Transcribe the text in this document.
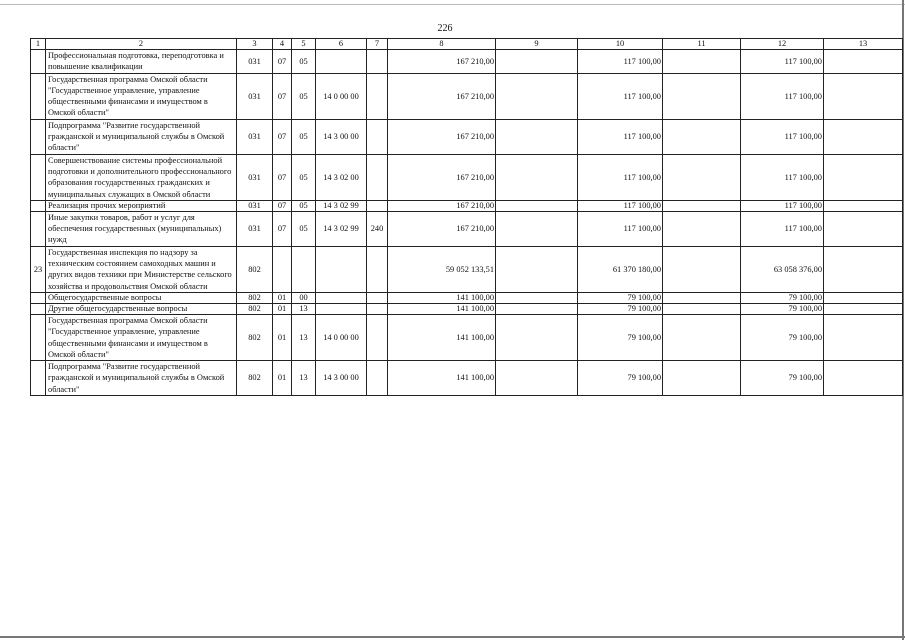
226
1	2	3	4	5	6	7	8	9	10	11	12	13
	Профессиональная подготовка, переподготовка и повышение квалификации	031	07	05			167 210,00		117 100,00		117 100,00	
	Государственная программа Омской области "Государственное управление, управление общественными финансами и имуществом в Омской области"	031	07	05	14 0 00 00		167 210,00		117 100,00		117 100,00	
	Подпрограмма "Развитие государственной гражданской и муниципальной службы в Омской области"	031	07	05	14 3 00 00		167 210,00		117 100,00		117 100,00	
	Совершенствование системы профессиональной подготовки и дополнительного профессионального образования государственных гражданских и муниципальных служащих в Омской области	031	07	05	14 3 02 00		167 210,00		117 100,00		117 100,00	
	Реализация прочих мероприятий	031	07	05	14 3 02 99		167 210,00		117 100,00		117 100,00	
	Иные закупки товаров, работ и услуг для обеспечения государственных (муниципальных) нужд	031	07	05	14 3 02 99	240	167 210,00		117 100,00		117 100,00	
23	Государственная инспекция по надзору за техническим состоянием самоходных машин и других видов техники при Министерстве сельского хозяйства и продовольствия Омской области	802					59 052 133,51		61 370 180,00		63 058 376,00	
	Общегосударственные вопросы	802	01	00			141 100,00		79 100,00		79 100,00	
	Другие общегосударственные вопросы	802	01	13			141 100,00		79 100,00		79 100,00	
	Государственная программа Омской области "Государственное управление, управление общественными финансами и имуществом в Омской области"	802	01	13	14 0 00 00		141 100,00		79 100,00		79 100,00	
	Подпрограмма "Развитие государственной гражданской и муниципальной службы в Омской области"	802	01	13	14 3 00 00		141 100,00		79 100,00		79 100,00	
